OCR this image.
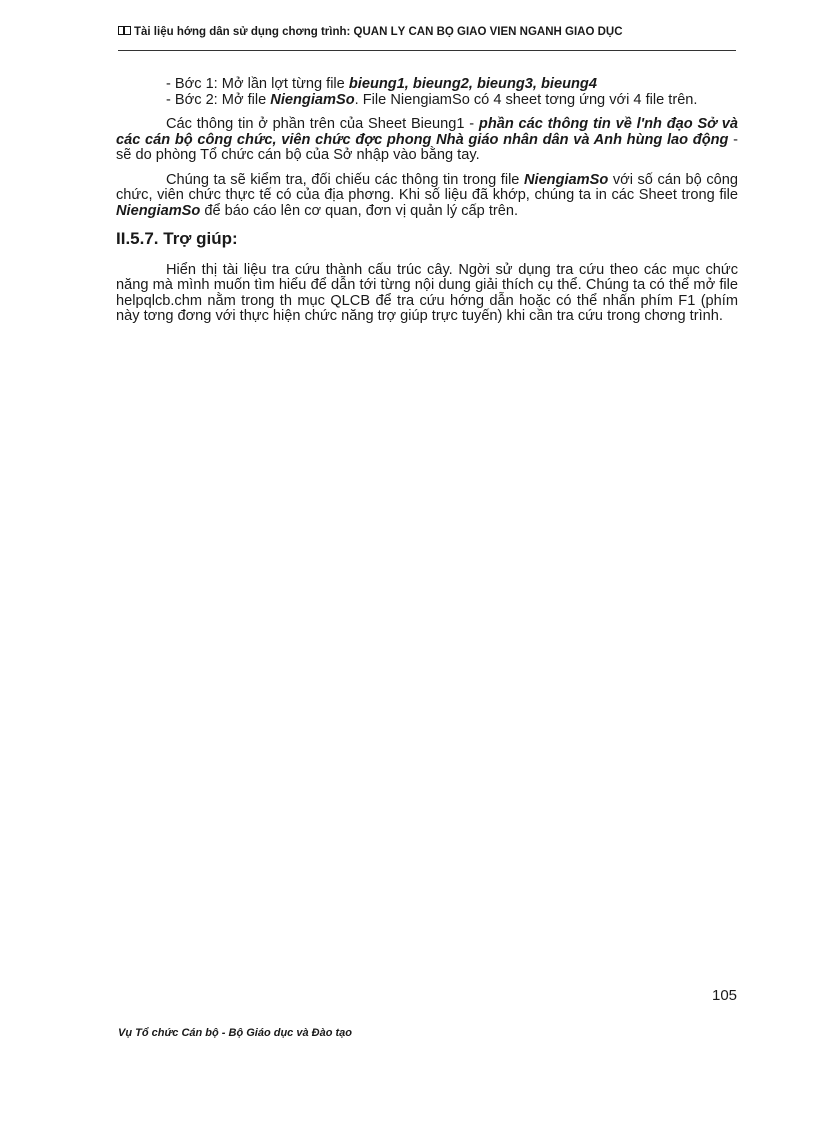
Tài liệu hớng dẫn sử dụng chơng trình: QUẢN LÝ CÁN BỘ GIÁO VIÊN NGÀNH GIÁO DỤC

- Bớc 1: Mở lần lợt từng file bieung1, bieung2, bieung3, bieung4

- Bớc 2: Mở file NiengiamSo. File NiengiamSo có 4 sheet tơng ứng với 4 file trên.

Các thông tin ở phần trên của Sheet Bieung1 - phần các thông tin về l'nh đạo Sở và các cán bộ công chức, viên chức đợc phong Nhà giáo nhân dân và Anh hùng lao động - sẽ do phòng Tổ chức cán bộ của Sở nhập vào bằng tay.

Chúng ta sẽ kiểm tra, đối chiếu các thông tin trong file NiengiamSo với số cán bộ công chức, viên chức thực tế có của địa phơng. Khi số liệu đã khớp, chúng ta in các Sheet trong file NiengiamSo để báo cáo lên cơ quan, đơn vị quản lý cấp trên.

II.5.7. Trợ giúp:

Hiển thị tài liệu tra cứu thành cấu trúc cây. Ngời sử dụng tra cứu theo các mục chức năng mà mình muốn tìm hiểu để dẫn tới từng nội dung giải thích cụ thể. Chúng ta có thể mở file helpqlcb.chm nằm trong th mục QLCB để tra cứu hớng dẫn hoặc có thể nhấn phím F1 (phím này tơng đơng với thực hiện chức năng trợ giúp trực tuyến) khi cần tra cứu trong chơng trình.

105
Vụ Tổ chức Cán bộ - Bộ Giáo dục và Đào tạo
